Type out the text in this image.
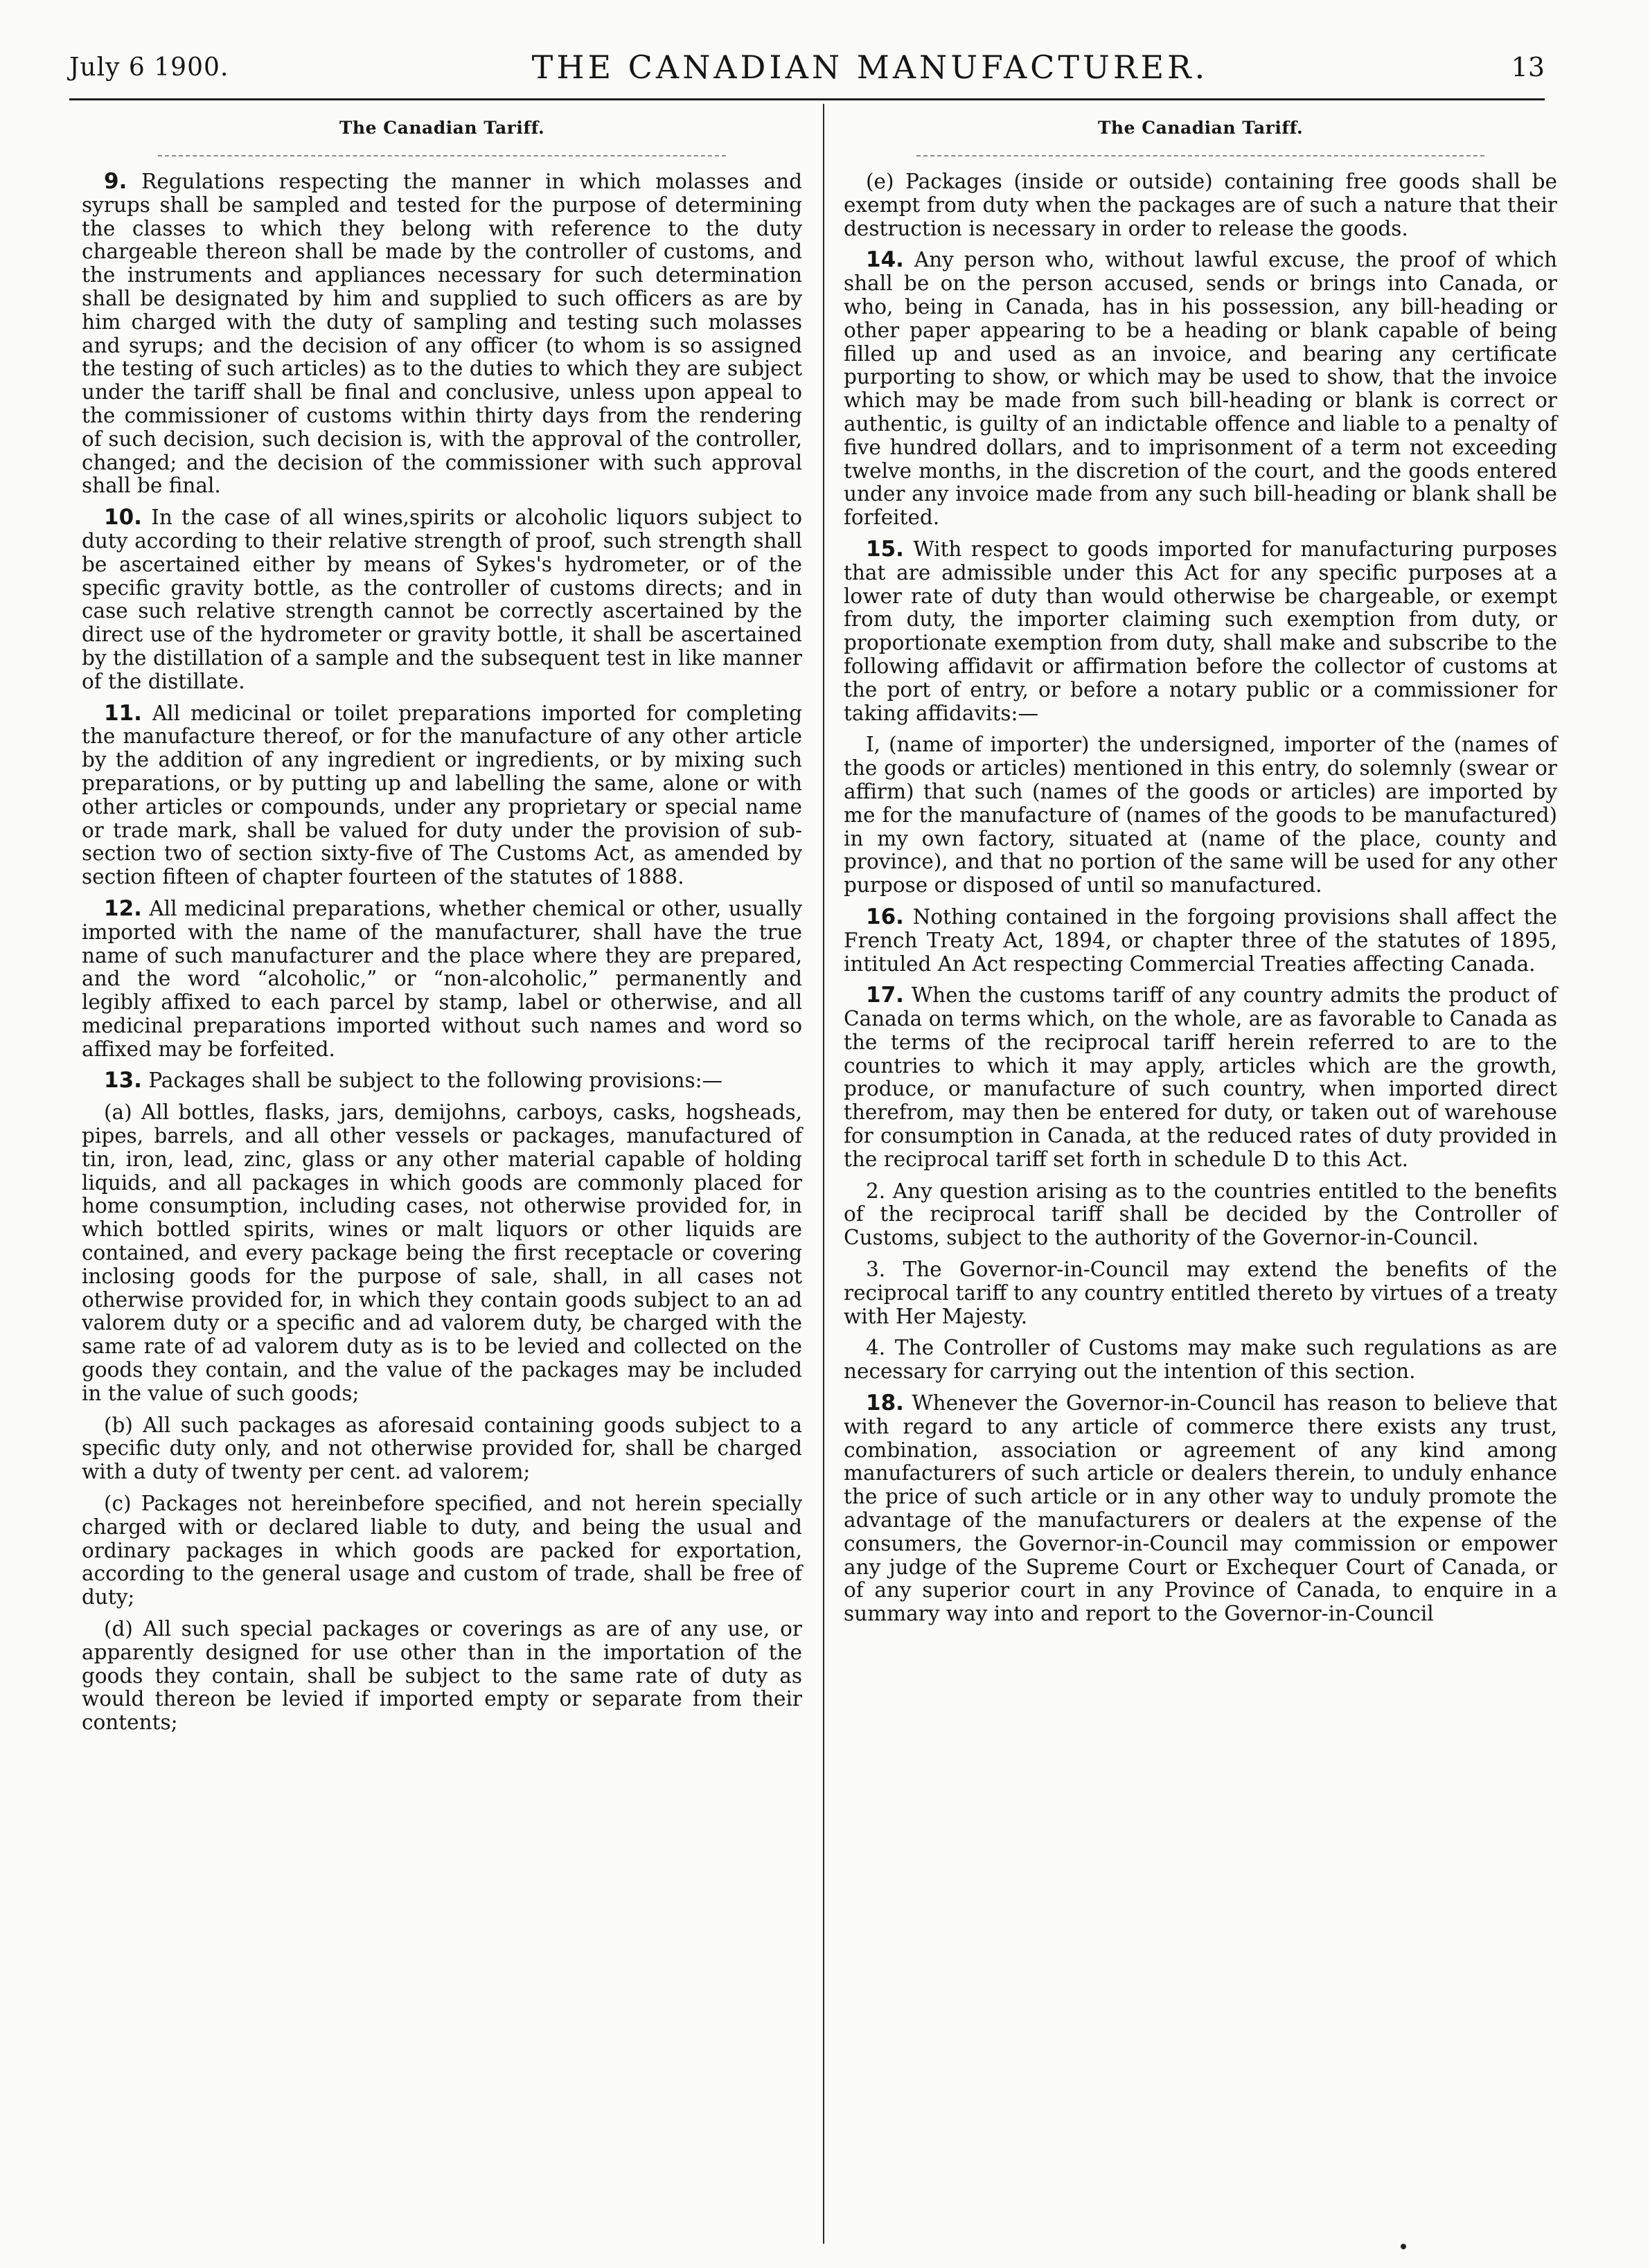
July 6 1900.	THE CANADIAN MANUFACTURER.	13
The Canadian Tariff.

9. Regulations respecting the manner in which molasses and syrups shall be sampled and tested for the purpose of determining the classes to which they belong with reference to the duty chargeable thereon shall be made by the controller of customs, and the instruments and appliances necessary for such determination shall be designated by him and supplied to such officers as are by him charged with the duty of sampling and testing such molasses and syrups; and the decision of any officer (to whom is so assigned the testing of such articles) as to the duties to which they are subject under the tariff shall be final and conclusive, unless upon appeal to the commissioner of customs within thirty days from the rendering of such decision, such decision is, with the approval of the controller, changed; and the decision of the commissioner with such approval shall be final.

10. In the case of all wines,spirits or alcoholic liquors subject to duty according to their relative strength of proof, such strength shall be ascertained either by means of Sykes's hydrometer, or of the specific gravity bottle, as the controller of customs directs; and in case such relative strength cannot be correctly ascertained by the direct use of the hydrometer or gravity bottle, it shall be ascertained by the distillation of a sample and the subsequent test in like manner of the distillate.

11. All medicinal or toilet preparations imported for completing the manufacture thereof, or for the manufacture of any other article by the addition of any ingredient or ingredients, or by mixing such preparations, or by putting up and labelling the same, alone or with other articles or compounds, under any proprietary or special name or trade mark, shall be valued for duty under the provision of sub-section two of section sixty-five of The Customs Act, as amended by section fifteen of chapter fourteen of the statutes of 1888.

12. All medicinal preparations, whether chemical or other, usually imported with the name of the manufacturer, shall have the true name of such manufacturer and the place where they are prepared, and the word “alcoholic,” or “non-alcoholic,” permanently and legibly affixed to each parcel by stamp, label or otherwise, and all medicinal preparations imported without such names and word so affixed may be forfeited.

13. Packages shall be subject to the following provisions:—

(a) All bottles, flasks, jars, demijohns, carboys, casks, hogsheads, pipes, barrels, and all other vessels or packages, manufactured of tin, iron, lead, zinc, glass or any other material capable of holding liquids, and all packages in which goods are commonly placed for home consumption, including cases, not otherwise provided for, in which bottled spirits, wines or malt liquors or other liquids are contained, and every package being the first receptacle or covering inclosing goods for the purpose of sale, shall, in all cases not otherwise provided for, in which they contain goods subject to an ad valorem duty or a specific and ad valorem duty, be charged with the same rate of ad valorem duty as is to be levied and collected on the goods they contain, and the value of the packages may be included in the value of such goods;

(b) All such packages as aforesaid containing goods subject to a specific duty only, and not otherwise provided for, shall be charged with a duty of twenty per cent. ad valorem;

(c) Packages not hereinbefore specified, and not herein specially charged with or declared liable to duty, and being the usual and ordinary packages in which goods are packed for exportation, according to the general usage and custom of trade, shall be free of duty;

(d) All such special packages or coverings as are of any use, or apparently designed for use other than in the importation of the goods they contain, shall be subject to the same rate of duty as would thereon be levied if imported empty or separate from their contents;

The Canadian Tariff.

(e) Packages (inside or outside) containing free goods shall be exempt from duty when the packages are of such a nature that their destruction is necessary in order to release the goods.

14. Any person who, without lawful excuse, the proof of which shall be on the person accused, sends or brings into Canada, or who, being in Canada, has in his possession, any bill-heading or other paper appearing to be a heading or blank capable of being filled up and used as an invoice, and bearing any certificate purporting to show, or which may be used to show, that the invoice which may be made from such bill-heading or blank is correct or authentic, is guilty of an indictable offence and liable to a penalty of five hundred dollars, and to imprisonment of a term not exceeding twelve months, in the discretion of the court, and the goods entered under any invoice made from any such bill-heading or blank shall be forfeited.

15. With respect to goods imported for manufacturing purposes that are admissible under this Act for any specific purposes at a lower rate of duty than would otherwise be chargeable, or exempt from duty, the importer claiming such exemption from duty, or proportionate exemption from duty, shall make and subscribe to the following affidavit or affirmation before the collector of customs at the port of entry, or before a notary public or a commissioner for taking affidavits:—

I, (name of importer) the undersigned, importer of the (names of the goods or articles) mentioned in this entry, do solemnly (swear or affirm) that such (names of the goods or articles) are imported by me for the manufacture of (names of the goods to be manufactured) in my own factory, situated at (name of the place, county and province), and that no portion of the same will be used for any other purpose or disposed of until so manufactured.

16. Nothing contained in the forgoing provisions shall affect the French Treaty Act, 1894, or chapter three of the statutes of 1895, intituled An Act respecting Commercial Treaties affecting Canada.

17. When the customs tariff of any country admits the product of Canada on terms which, on the whole, are as favorable to Canada as the terms of the reciprocal tariff herein referred to are to the countries to which it may apply, articles which are the growth, produce, or manufacture of such country, when imported direct therefrom, may then be entered for duty, or taken out of warehouse for consumption in Canada, at the reduced rates of duty provided in the reciprocal tariff set forth in schedule D to this Act.

2. Any question arising as to the countries entitled to the benefits of the reciprocal tariff shall be decided by the Controller of Customs, subject to the authority of the Governor-in-Council.

3. The Governor-in-Council may extend the benefits of the reciprocal tariff to any country entitled thereto by virtues of a treaty with Her Majesty.

4. The Controller of Customs may make such regulations as are necessary for carrying out the intention of this section.

18. Whenever the Governor-in-Council has reason to believe that with regard to any article of commerce there exists any trust, combination, association or agreement of any kind among manufacturers of such article or dealers therein, to unduly enhance the price of such article or in any other way to unduly promote the advantage of the manufacturers or dealers at the expense of the consumers, the Governor-in-Council may commission or empower any judge of the Supreme Court or Exchequer Court of Canada, or of any superior court in any Province of Canada, to enquire in a summary way into and report to the Governor-in-Council
